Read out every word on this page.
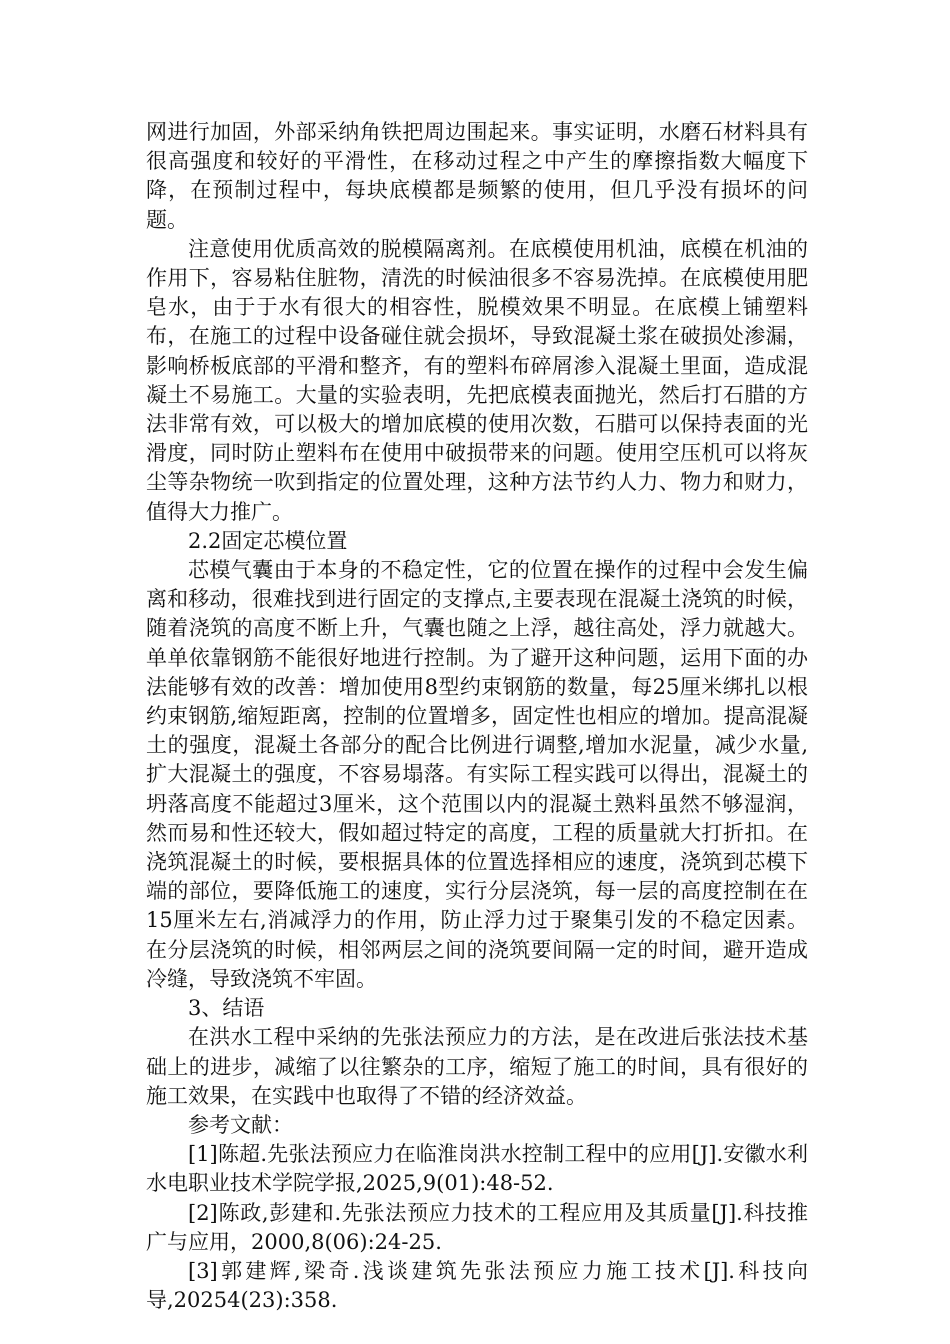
网进行加固，外部采纳角铁把周边围起来。事实证明，水磨石材料具有很高强度和较好的平滑性，在移动过程之中产生的摩擦指数大幅度下降，在预制过程中，每块底模都是频繁的使用，但几乎没有损坏的问题。

注意使用优质高效的脱模隔离剂。在底模使用机油，底模在机油的作用下，容易粘住脏物，清洗的时候油很多不容易洗掉。在底模使用肥皂水，由于于水有很大的相容性，脱模效果不明显。在底模上铺塑料布，在施工的过程中设备碰住就会损坏，导致混凝土浆在破损处渗漏，影响桥板底部的平滑和整齐，有的塑料布碎屑渗入混凝土里面，造成混凝土不易施工。大量的实验表明，先把底模表面抛光，然后打石腊的方法非常有效，可以极大的增加底模的使用次数，石腊可以保持表面的光滑度，同时防止塑料布在使用中破损带来的问题。使用空压机可以将灰尘等杂物统一吹到指定的位置处理，这种方法节约人力、物力和财力，值得大力推广。

2.2固定芯模位置

芯模气囊由于本身的不稳定性，它的位置在操作的过程中会发生偏离和移动，很难找到进行固定的支撑点,主要表现在混凝土浇筑的时候，随着浇筑的高度不断上升，气囊也随之上浮，越往高处，浮力就越大。单单依靠钢筋不能很好地进行控制。为了避开这种问题，运用下面的办法能够有效的改善：增加使用8型约束钢筋的数量，每25厘米绑扎以根约束钢筋,缩短距离，控制的位置增多，固定性也相应的增加。提高混凝土的强度，混凝土各部分的配合比例进行调整,增加水泥量，减少水量,扩大混凝土的强度，不容易塌落。有实际工程实践可以得出，混凝土的坍落高度不能超过3厘米，这个范围以内的混凝土熟料虽然不够湿润，然而易和性还较大，假如超过特定的高度，工程的质量就大打折扣。在浇筑混凝土的时候，要根据具体的位置选择相应的速度，浇筑到芯模下端的部位，要降低施工的速度，实行分层浇筑，每一层的高度控制在在15厘米左右,消减浮力的作用，防止浮力过于聚集引发的不稳定因素。在分层浇筑的时候，相邻两层之间的浇筑要间隔一定的时间，避开造成冷缝，导致浇筑不牢固。

3、结语

在洪水工程中采纳的先张法预应力的方法，是在改进后张法技术基础上的进步，减缩了以往繁杂的工序，缩短了施工的时间，具有很好的施工效果，在实践中也取得了不错的经济效益。

参考文献：

[1]陈超.先张法预应力在临淮岗洪水控制工程中的应用[J].安徽水利水电职业技术学院学报,2025,9(01):48-52.

[2]陈政,彭建和.先张法预应力技术的工程应用及其质量[J].科技推广与应用，2000,8(06):24-25.

[3]郭建辉,梁奇.浅谈建筑先张法预应力施工技术[J].科技向导,20254(23):358.
